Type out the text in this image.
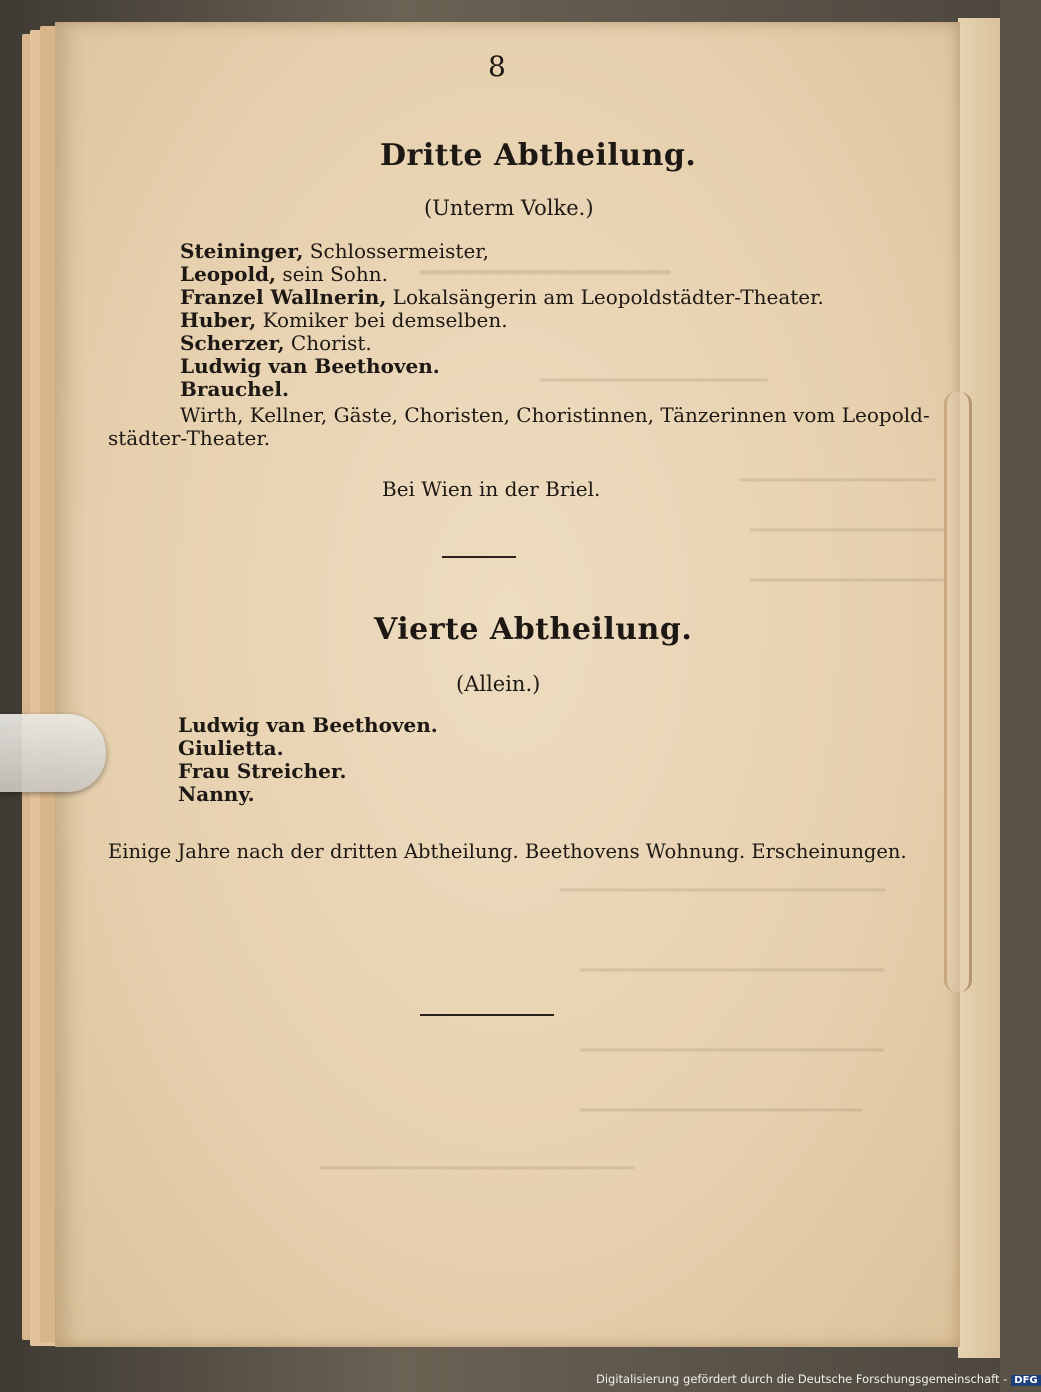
━━━━━━━━━━━━━━━━
━━━━━━━━━━━━━━━━━━━━━
━━━━━━━━━━━━━━━━━━
━━━━━━━━━━━━━━━━━━
━━━━━━━━━━━━━━━━━━
━━━━━━━━━━━━━━━━━━━━━━━━━━━━━━
━━━━━━━━━━━━━━━━━━━━━━━━━━━━
━━━━━━━━━━━━━━━━━━━━━━━━━━━━
━━━━━━━━━━━━━━━━━━━━━━━━━━
━━━━━━━━━━━━━━━━━━━━━━━━━━━━━
8
Dritte Abtheilung.
(Unterm Volke.)
Steininger, Schlossermeister,
Leopold, sein Sohn.
Franzel Wallnerin, Lokalsängerin am Leopoldstädter-Theater.
Huber, Komiker bei demselben.
Scherzer, Chorist.
Ludwig van Beethoven.
Brauchel.
Wirth, Kellner, Gäste, Choristen, Choristinnen, Tänzerinnen vom Leopold-
städter-Theater.
Bei Wien in der Briel.
Vierte Abtheilung.
(Allein.)
Ludwig van Beethoven.
Giulietta.
Frau Streicher.
Nanny.
Einige Jahre nach der dritten Abtheilung. Beethovens Wohnung. Erscheinungen.
Digitalisierung gefördert durch die Deutsche Forschungsgemeinschaft - DFG
